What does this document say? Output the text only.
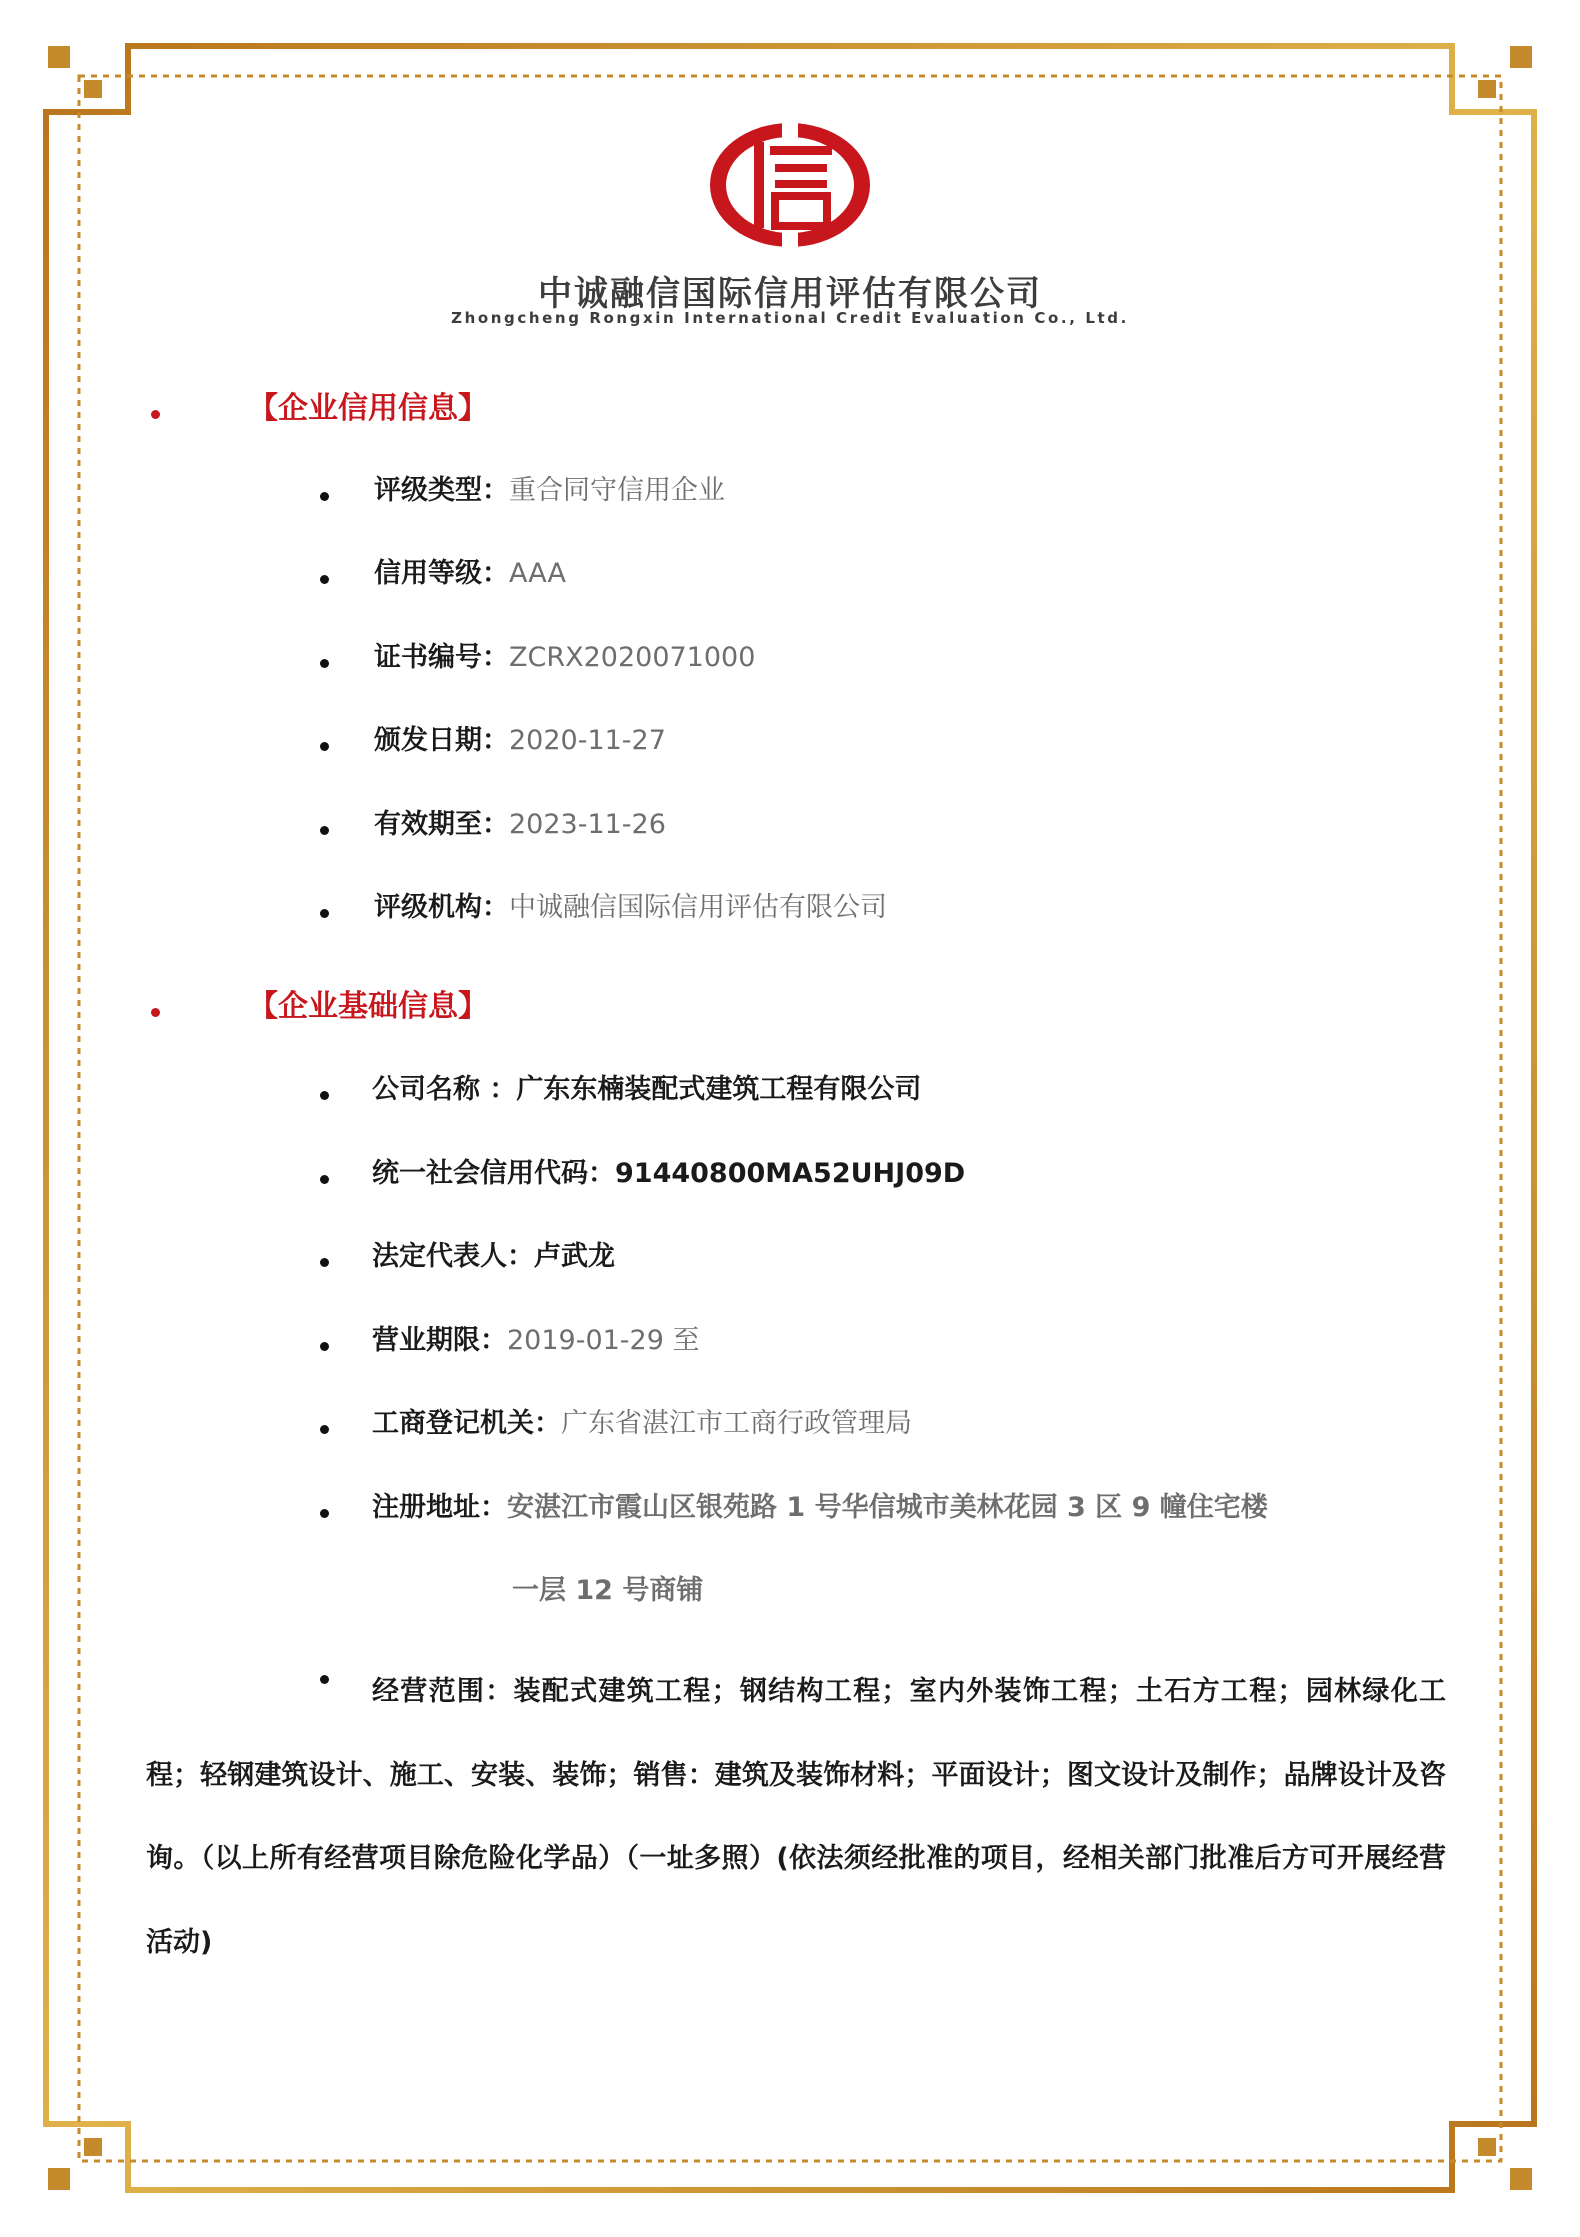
中诚融信国际信用评估有限公司
Zhongcheng Rongxin International Credit Evaluation Co., Ltd.
【企业信用信息】
评级类型：重合同守信用企业
信用等级：AAA
证书编号：ZCRX2020071000
颁发日期：2020-11-27
有效期至：2023-11-26
评级机构：中诚融信国际信用评估有限公司
【企业基础信息】
公司名称 ：广东东楠装配式建筑工程有限公司
统一社会信用代码：91440800MA52UHJ09D
法定代表人：卢武龙
营业期限：2019-01-29 至
工商登记机关：广东省湛江市工商行政管理局
注册地址：安湛江市霞山区银苑路 1 号华信城市美林花园 3 区 9 幢住宅楼
一层 12 号商铺
经营范围：装配式建筑工程；钢结构工程；室内外装饰工程；土石方工程；园林绿化工程；轻钢建筑设计、施工、安装、装饰；销售：建筑及装饰材料；平面设计；图文设计及制作；品牌设计及咨询。（以上所有经营项目除危险化学品）（一址多照）(依法须经批准的项目，经相关部门批准后方可开展经营活动)
